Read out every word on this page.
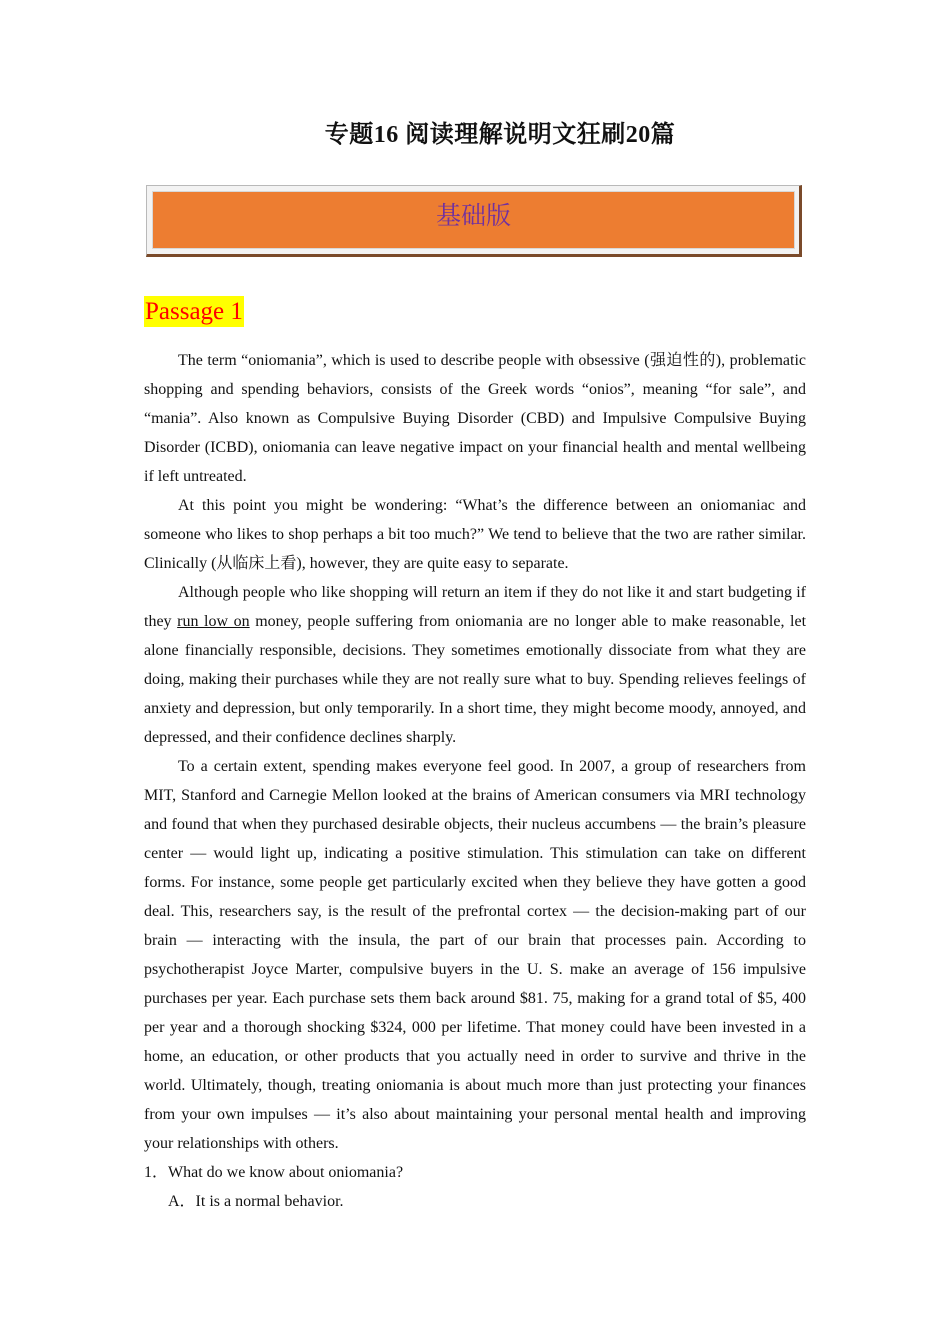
专题16 阅读理解说明文狂刷20篇
基础版
Passage 1

The term “oniomania”, which is used to describe people with obsessive (强迫性的), problematic shopping and spending behaviors, consists of the Greek words “onios”, meaning “for sale”, and “mania”. Also known as Compulsive Buying Disorder (CBD) and Impulsive Compulsive Buying Disorder (ICBD), oniomania can leave negative impact on your financial health and mental wellbeing if left untreated.

At this point you might be wondering: “What’s the difference between an oniomaniac and someone who likes to shop perhaps a bit too much?” We tend to believe that the two are rather similar. Clinically (从临床上看), however, they are quite easy to separate.

Although people who like shopping will return an item if they do not like it and start budgeting if they run low on money, people suffering from oniomania are no longer able to make reasonable, let alone financially responsible, decisions. They sometimes emotionally dissociate from what they are doing, making their purchases while they are not really sure what to buy. Spending relieves feelings of anxiety and depression, but only temporarily. In a short time, they might become moody, annoyed, and depressed, and their confidence declines sharply.

To a certain extent, spending makes everyone feel good. In 2007, a group of researchers from MIT, Stanford and Carnegie Mellon looked at the brains of American consumers via MRI technology and found that when they purchased desirable objects, their nucleus accumbens — the brain’s pleasure center — would light up, indicating a positive stimulation. This stimulation can take on different forms. For instance, some people get particularly excited when they believe they have gotten a good deal. This, researchers say, is the result of the prefrontal cortex — the decision-making part of our brain — interacting with the insula, the part of our brain that processes pain. According to psychotherapist Joyce Marter, compulsive buyers in the U. S. make an average of 156 impulsive purchases per year. Each purchase sets them back around $81. 75, making for a grand total of $5, 400 per year and a thorough shocking $324, 000 per lifetime. That money could have been invested in a home, an education, or other products that you actually need in order to survive and thrive in the world. Ultimately, though, treating oniomania is about much more than just protecting your finances from your own impulses — it’s also about maintaining your personal mental health and improving your relationships with others.

1．What do we know about oniomania?
A．It is a normal behavior.
